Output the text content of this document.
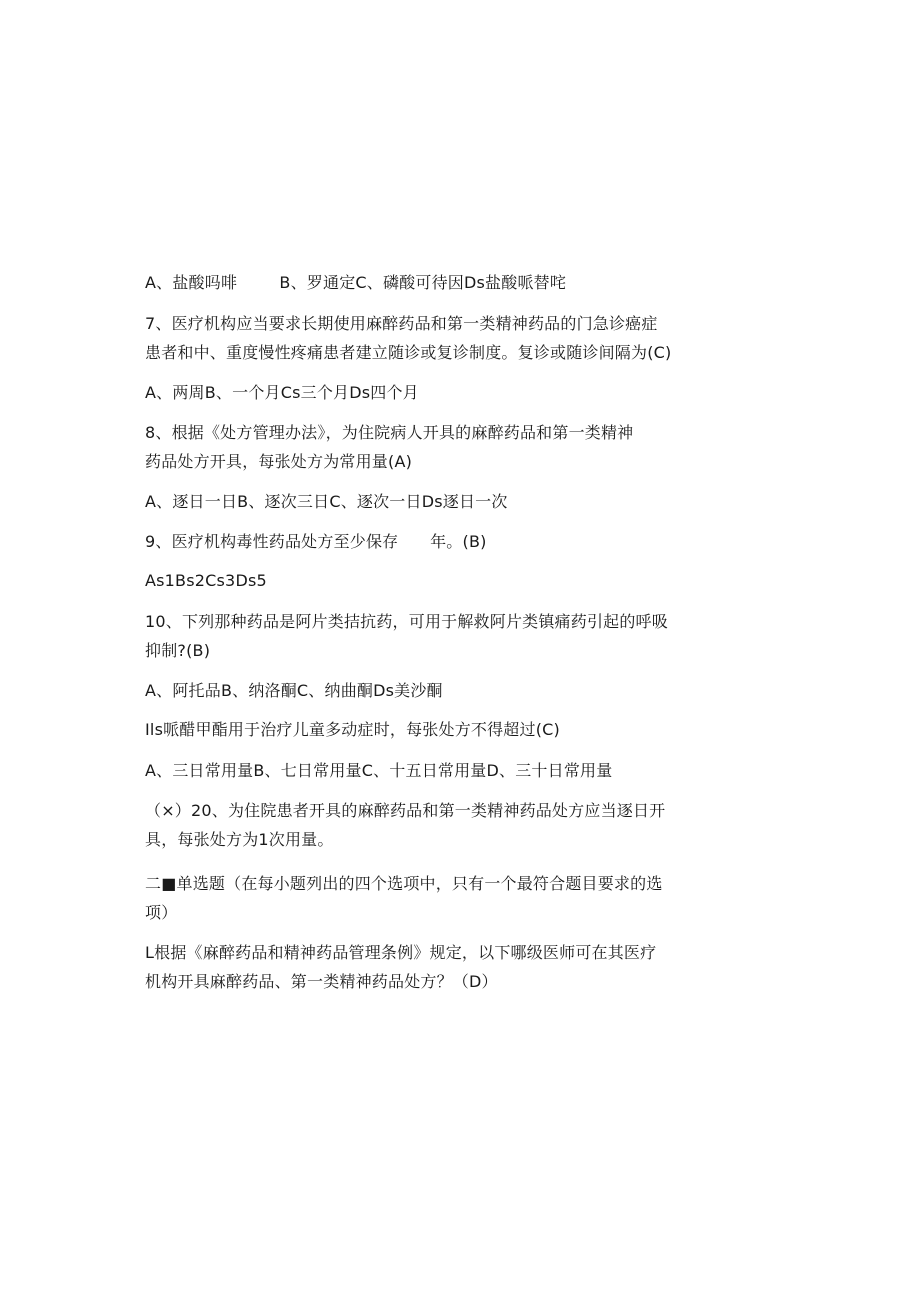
A、盐酸吗啡        B、罗通定C、磷酸可待因Ds盐酸哌替咤
7、医疗机构应当要求长期使用麻醉药品和第一类精神药品的门急诊癌症
患者和中、重度慢性疼痛患者建立随诊或复诊制度。复诊或随诊间隔为(C)
A、两周B、一个月Cs三个月Ds四个月
8、根据《处方管理办法》，为住院病人开具的麻醉药品和第一类精神
药品处方开具，每张处方为常用量(A)
A、逐日一日B、逐次三日C、逐次一日Ds逐日一次
9、医疗机构毒性药品处方至少保存      年。(B)
As1Bs2Cs3Ds5
10、下列那种药品是阿片类拮抗药，可用于解救阿片类镇痛药引起的呼吸
抑制?(B)
A、阿托品B、纳洛酮C、纳曲酮Ds美沙酮
Ils哌醋甲酯用于治疗儿童多动症时，每张处方不得超过(C)
A、三日常用量B、七日常用量C、十五日常用量D、三十日常用量
（×）20、为住院患者开具的麻醉药品和第一类精神药品处方应当逐日开
具，每张处方为1次用量。
二■单选题（在每小题列出的四个选项中，只有一个最符合题目要求的选
项）
L根据《麻醉药品和精神药品管理条例》规定，以下哪级医师可在其医疗
机构开具麻醉药品、第一类精神药品处方？（D）
